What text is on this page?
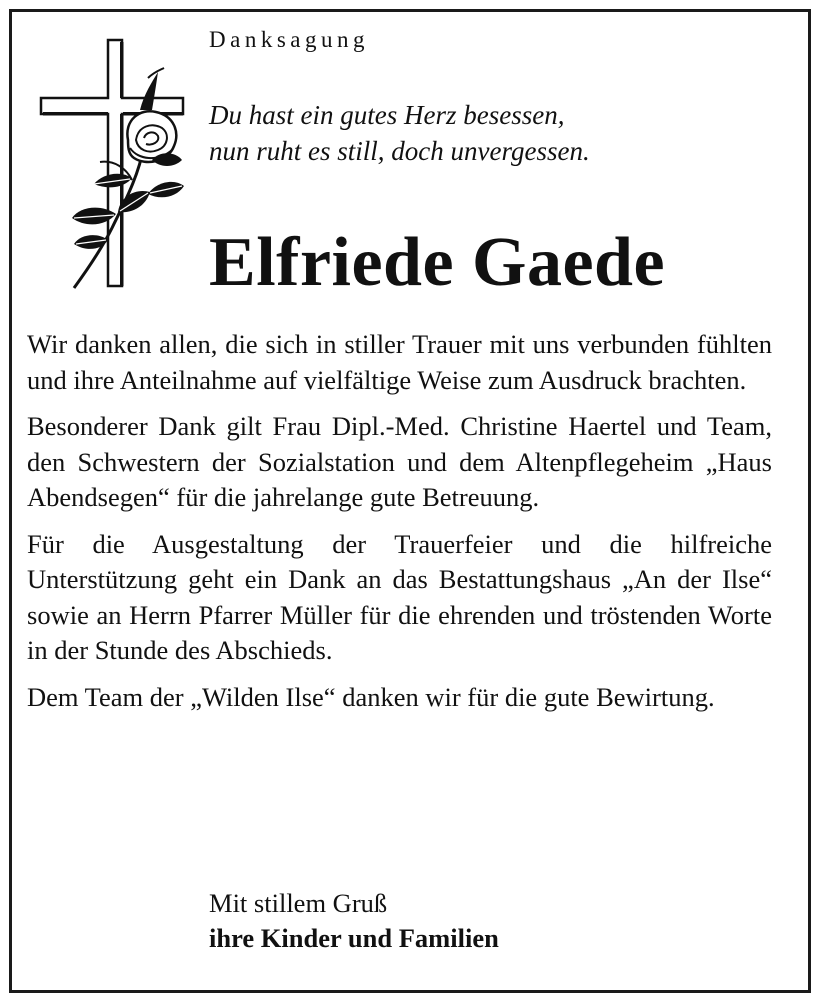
Danksagung
Du hast ein gutes Herz besessen,
nun ruht es still, doch unvergessen.
Elfriede Gaede

Wir danken allen, die sich in stiller Trauer mit uns verbunden fühlten und ihre Anteilnahme auf vielfältige Weise zum Ausdruck brachten.

Besonderer Dank gilt Frau Dipl.-Med. Christine Haertel und Team, den Schwestern der Sozialstation und dem Altenpflegeheim „Haus Abendsegen“ für die jahrelange gute Betreuung.

Für die Ausgestaltung der Trauerfeier und die hilfreiche Unterstützung geht ein Dank an das Bestattungshaus „An der Ilse“ sowie an Herrn Pfarrer Müller für die ehrenden und tröstenden Worte in der Stunde des Abschieds.

Dem Team der „Wilden Ilse“ danken wir für die gute Bewirtung.

Mit stillem Gruß
ihre Kinder und Familien
